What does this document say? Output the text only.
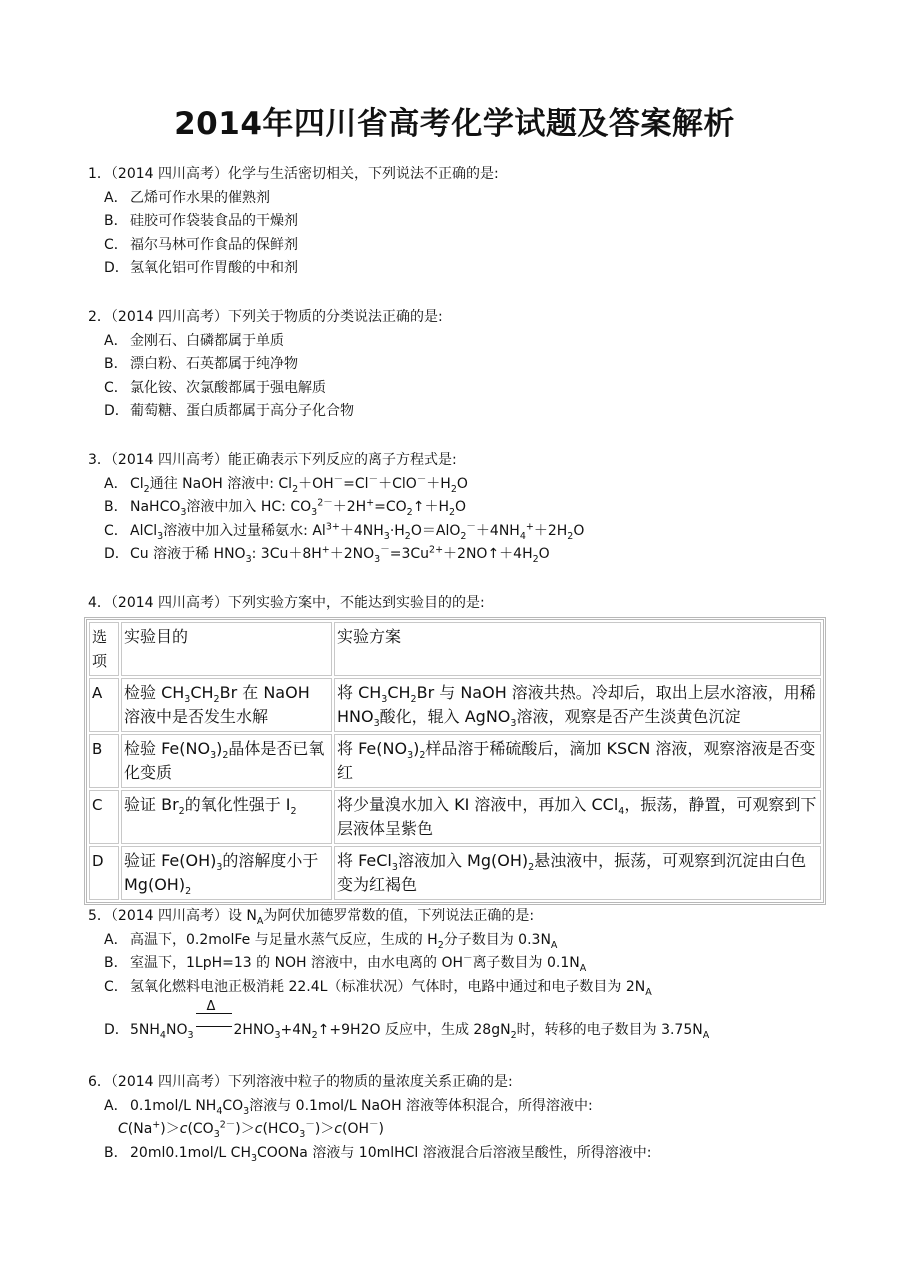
2014年四川省高考化学试题及答案解析
1．（2014 四川高考）化学与生活密切相关，下列说法不正确的是:
A． 乙烯可作水果的催熟剂
B． 硅胶可作袋装食品的干燥剂
C． 福尔马林可作食品的保鲜剂
D．氢氧化铝可作胃酸的中和剂
2．（2014 四川高考）下列关于物质的分类说法正确的是:
A． 金刚石、白磷都属于单质
B． 漂白粉、石英都属于纯净物
C． 氯化铵、次氯酸都属于强电解质
D．葡萄糖、蛋白质都属于高分子化合物
3．（2014 四川高考）能正确表示下列反应的离子方程式是:
A． $Cl_2$通往 NaOH 溶液中: $Cl_2+OH^-=Cl^-+ClO^-+H_2O$
B． NaHCO$_3$溶液中加入 HC: $CO_3^{2-}+2H^+=CO_2↑+H_2O$
C． AlCl$_3$溶液中加入过量稀氨水: $Al^{3+}+4NH_3\cdot H_2O=AlO_2^-+4NH_4^++2H_2O$
D．Cu 溶液于稀 $HNO_3$: $3Cu+8H^++2NO_3^-=3Cu^{2+}+2NO↑+4H_2O$
4．（2014 四川高考）下列实验方案中，不能达到实验目的的是:
选项	实验目的	实验方案
A	检验 $CH_3CH_2Br$ 在 NaOH 溶液中是否发生水解	将 $CH_3CH_2Br$ 与 NaOH 溶液共热。冷却后，取出上层水溶液，用稀 $HNO_3$酸化，辊入 AgNO$_3$溶液，观察是否产生淡黄色沉淀
B	检验 $Fe(NO_3)_2$晶体是否已氧化变质	将 $Fe(NO_3)_2$样品溶于稀硫酸后，滴加 KSCN 溶液，观察溶液是否变红
C	验证 $Br_2$的氧化性强于 $I_2$	将少量溴水加入 KI 溶液中，再加入 CCl$_4$，振荡，静置，可观察到下层液体呈紫色
D	验证 $Fe(OH)_3$的溶解度小于 $Mg(OH)_2$	将 FeCl$_3$溶液加入 $Mg(OH)_2$悬浊液中，振荡，可观察到沉淀由白色变为红褐色
5．（2014 四川高考）设 $N_A$为阿伏加德罗常数的值，下列说法正确的是:
A． 高温下，0.2molFe 与足量水蒸气反应，生成的 $H_2$分子数目为 $0.3N_A$
B． 室温下，1LpH=13 的 NOH 溶液中，由水电离的 OH－离子数目为 $0.1N_A$
C． 氢氧化燃料电池正极消耗 22.4L（标准状况）气体时，电路中通过和电子数目为 $2N_A$
D．$5NH_4NO_3$
Δ
$2HNO_3+4N_2↑+9H2O$ 反应中，生成 $28gN_2$时，转移的电子数目为 $3.75N_A$
6．（2014 四川高考）下列溶液中粒子的物质的量浓度关系正确的是:
A． 0.1mol/L $NH_4CO_3$溶液与 0.1mol/L NaOH 溶液等体积混合，所得溶液中:
$C(Na^+)>c(CO_3^{2-})>c(HCO_3^-)>c(OH^-)$
B． 20ml0.1mol/L $CH_3COONa$ 溶液与 10mlHCl 溶液混合后溶液呈酸性，所得溶液中:
